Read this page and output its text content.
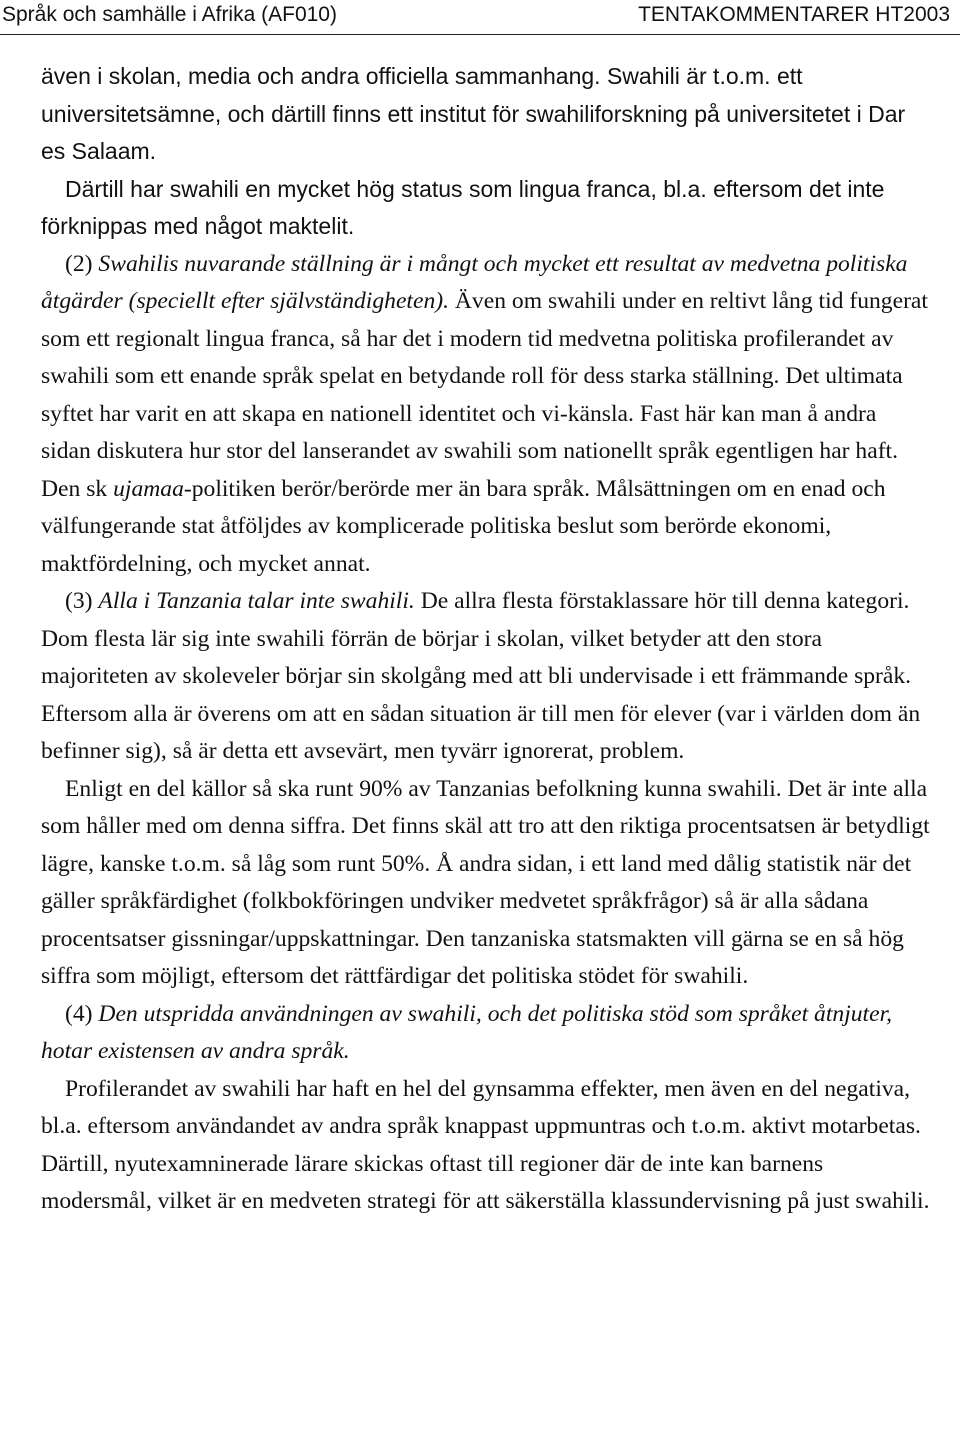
Språk och samhälle i Afrika (AF010)	TENTAKOMMENTARER HT2003

även i skolan, media och andra officiella sammanhang. Swahili är t.o.m. ett universitetsämne, och därtill finns ett institut för swahiliforskning på universitetet i Dar es Salaam.

Därtill har swahili en mycket hög status som lingua franca, bl.a. eftersom det inte förknippas med något maktelit.

(2) Swahilis nuvarande ställning är i mångt och mycket ett resultat av medvetna politiska åtgärder (speciellt efter självständigheten). Även om swahili under en reltivt lång tid fungerat som ett regionalt lingua franca, så har det i modern tid medvetna politiska profilerandet av swahili som ett enande språk spelat en betydande roll för dess starka ställning. Det ultimata syftet har varit en att skapa en nationell identitet och vi-känsla. Fast här kan man å andra sidan diskutera hur stor del lanserandet av swahili som nationellt språk egentligen har haft. Den sk ujamaa-politiken berör/berörde mer än bara språk. Målsättningen om en enad och välfungerande stat åtföljdes av komplicerade politiska beslut som berörde ekonomi, maktfördelning, och mycket annat.

(3) Alla i Tanzania talar inte swahili. De allra flesta förstaklassare hör till denna kategori. Dom flesta lär sig inte swahili förrän de börjar i skolan, vilket betyder att den stora majoriteten av skoleveler börjar sin skolgång med att bli undervisade i ett främmande språk. Eftersom alla är överens om att en sådan situation är till men för elever (var i världen dom än befinner sig), så är detta ett avsevärt, men tyvärr ignorerat, problem.

Enligt en del källor så ska runt 90% av Tanzanias befolkning kunna swahili. Det är inte alla som håller med om denna siffra. Det finns skäl att tro att den riktiga procentsatsen är betydligt lägre, kanske t.o.m. så låg som runt 50%. Å andra sidan, i ett land med dålig statistik när det gäller språkfärdighet (folkbokföringen undviker medvetet språkfrågor) så är alla sådana procentsatser gissningar/uppskattningar. Den tanzaniska statsmakten vill gärna se en så hög siffra som möjligt, eftersom det rättfärdigar det politiska stödet för swahili.

(4) Den utspridda användningen av swahili, och det politiska stöd som språket åtnjuter, hotar existensen av andra språk.

Profilerandet av swahili har haft en hel del gynsamma effekter, men även en del negativa, bl.a. eftersom användandet av andra språk knappast uppmuntras och t.o.m. aktivt motarbetas. Därtill, nyutexamninerade lärare skickas oftast till regioner där de inte kan barnens modersmål, vilket är en medveten strategi för att säkerställa klassundervisning på just swahili.
